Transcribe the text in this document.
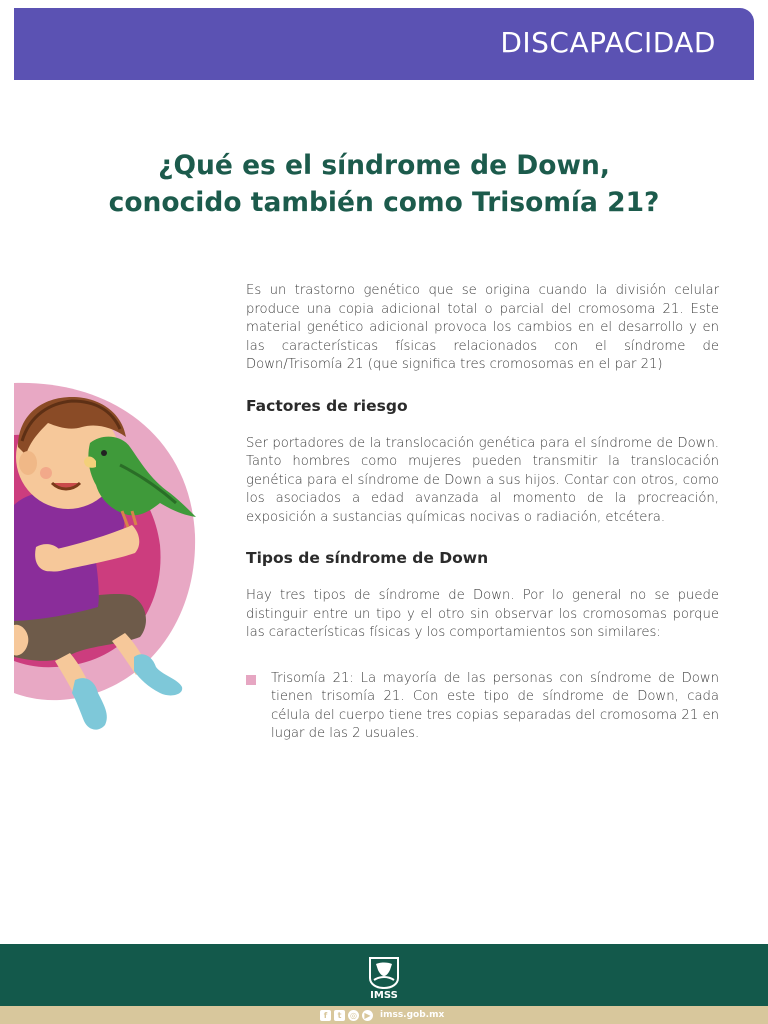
DISCAPACIDAD
¿Qué es el síndrome de Down,
conocido también como Trisomía 21?

Es un trastorno genético que se origina cuando la división celular produce una copia adicional total o parcial del cromosoma 21. Este material genético adicional provoca los cambios en el desarrollo y en las características físicas relacionados con el síndrome de Down/Trisomía 21 (que significa tres cromosomas en el par 21)

Factores de riesgo

Ser portadores de la translocación genética para el síndrome de Down. Tanto hombres como mujeres pueden transmitir la translocación genética para el síndrome de Down a sus hijos. Contar con otros, como los asociados a edad avanzada al momento de la procreación, exposición a sustancias químicas nocivas o radiación, etcétera.

Tipos de síndrome de Down

Hay tres tipos de síndrome de Down. Por lo general no se puede distinguir entre un tipo y el otro sin observar los cromosomas porque las características físicas y los comportamientos son similares:

Trisomía 21: La mayoría de las personas con síndrome de Down tienen trisomía 21. Con este tipo de síndrome de Down, cada célula del cuerpo tiene tres copias separadas del cromosoma 21 en lugar de las 2 usuales.

IMSS
f	t	◎ ▶ imss.gob.mx
